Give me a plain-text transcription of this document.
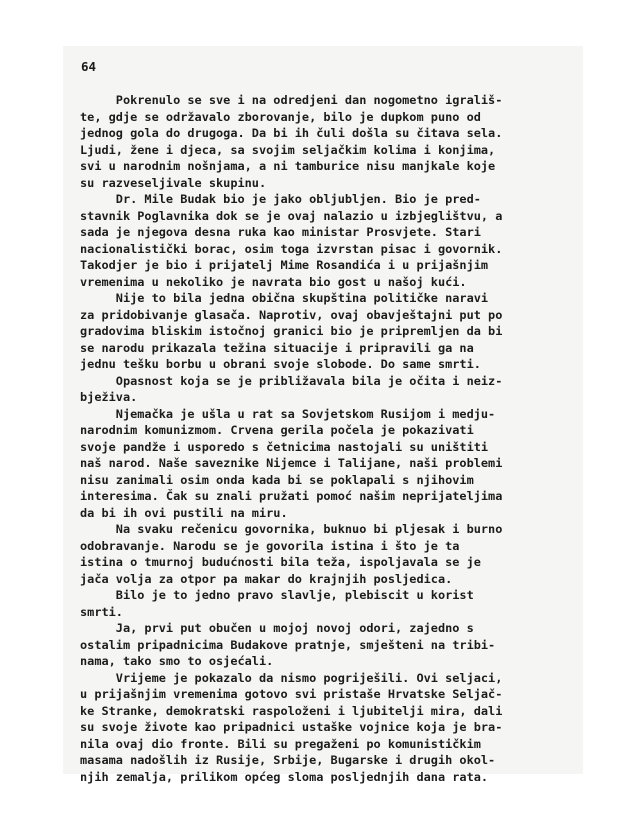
64
Pokrenulo se sve i na odredjeni dan nogometno igrališ-
te, gdje se održavalo zborovanje, bilo je dupkom puno od
jednog gola do drugoga. Da bi ih čuli došla su čitava sela.
Ljudi, žene i djeca, sa svojim seljačkim kolima i konjima,
svi u narodnim nošnjama, a ni tamburice nisu manjkale koje
su razveseljivale skupinu.
Dr. Mile Budak bio je jako obljubljen. Bio je pred-
stavnik Poglavnika dok se je ovaj nalazio u izbjeglištvu, a
sada je njegova desna ruka kao ministar Prosvjete. Stari
nacionalistički borac, osim toga izvrstan pisac i govornik.
Takodjer je bio i prijatelj Mime Rosandića i u prijašnjim
vremenima u nekoliko je navrata bio gost u našoj kući.
Nije to bila jedna obična skupština političke naravi
za pridobivanje glasača. Naprotiv, ovaj obavještajni put po
gradovima bliskim istočnoj granici bio je pripremljen da bi
se narodu prikazala težina situacije i pripravili ga na
jednu tešku borbu u obrani svoje slobode. Do same smrti.
Opasnost koja se je približavala bila je očita i neiz-
bježiva.
Njemačka je ušla u rat sa Sovjetskom Rusijom i medju-
narodnim komunizmom. Crvena gerila počela je pokazivati
svoje pandže i usporedo s četnicima nastojali su uništiti
naš narod. Naše saveznike Nijemce i Talijane, naši problemi
nisu zanimali osim onda kada bi se poklapali s njihovim
interesima. Čak su znali pružati pomoć našim neprijateljima
da bi ih ovi pustili na miru.
Na svaku rečenicu govornika, buknuo bi pljesak i burno
odobravanje. Narodu se je govorila istina i što je ta
istina o tmurnoj budućnosti bila teža, ispoljavala se je
jača volja za otpor pa makar do krajnjih posljedica.
Bilo je to jedno pravo slavlje, plebiscit u korist
smrti.
Ja, prvi put obučen u mojoj novoj odori, zajedno s
ostalim pripadnicima Budakove pratnje, smješteni na tribi-
nama, tako smo to osjećali.
Vrijeme je pokazalo da nismo pogriješili. Ovi seljaci,
u prijašnjim vremenima gotovo svi pristaše Hrvatske Seljač-
ke Stranke, demokratski raspoloženi i ljubitelji mira, dali
su svoje živote kao pripadnici ustaške vojnice koja je bra-
nila ovaj dio fronte. Bili su pregaženi po komunističkim
masama nadošlih iz Rusije, Srbije, Bugarske i drugih okol-
njih zemalja, prilikom općeg sloma posljednjih dana rata.
